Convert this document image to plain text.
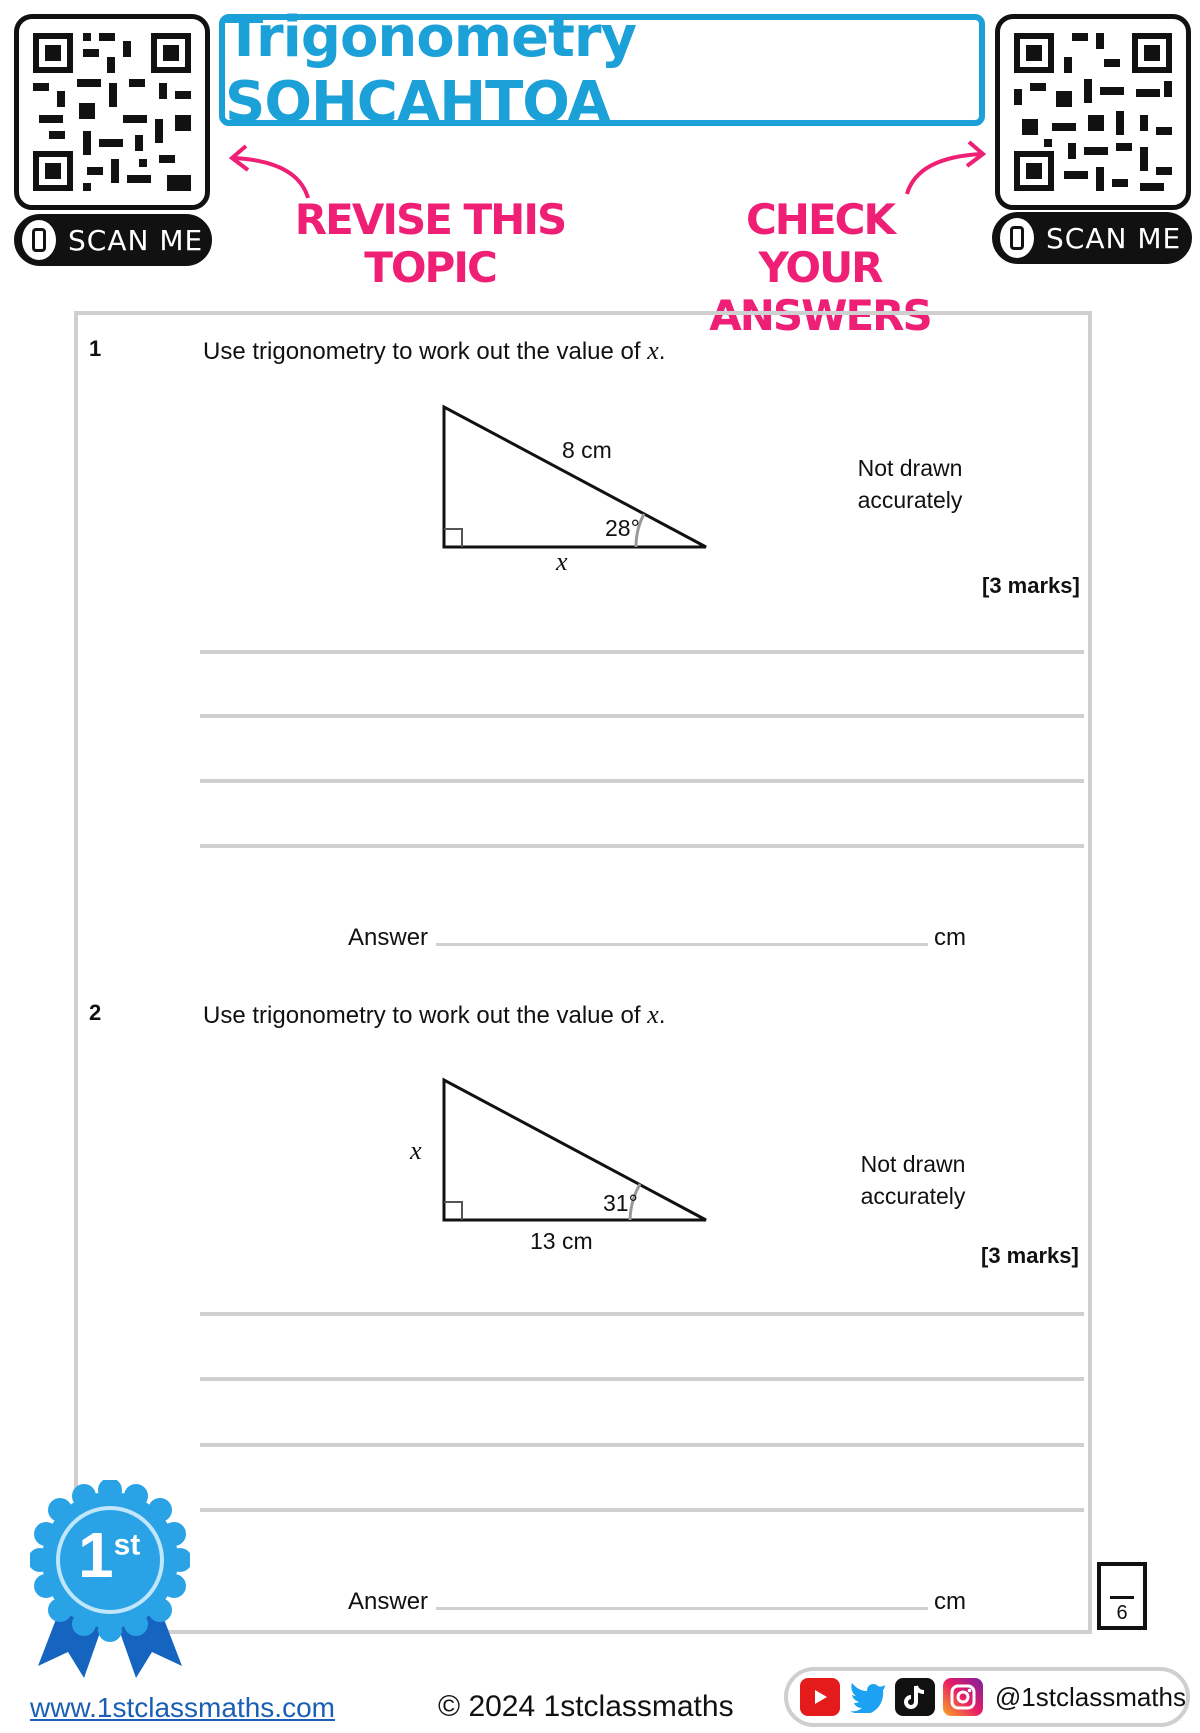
SCAN ME
Trigonometry SOHCAHTOA
SCAN ME
REVISE THIS
TOPIC
CHECK YOUR
ANSWERS
1	Use trigonometry to work out the value of x.
8 cm
28°
x
Not drawn
accurately
[3 marks]
Answer	cm
2	Use trigonometry to work out the value of x.
x
31°
13 cm
Not drawn
accurately
[3 marks]
Answer	cm	6
1st
www.1stclassmaths.com	© 2024 1stclassmaths	@1stclassmaths
